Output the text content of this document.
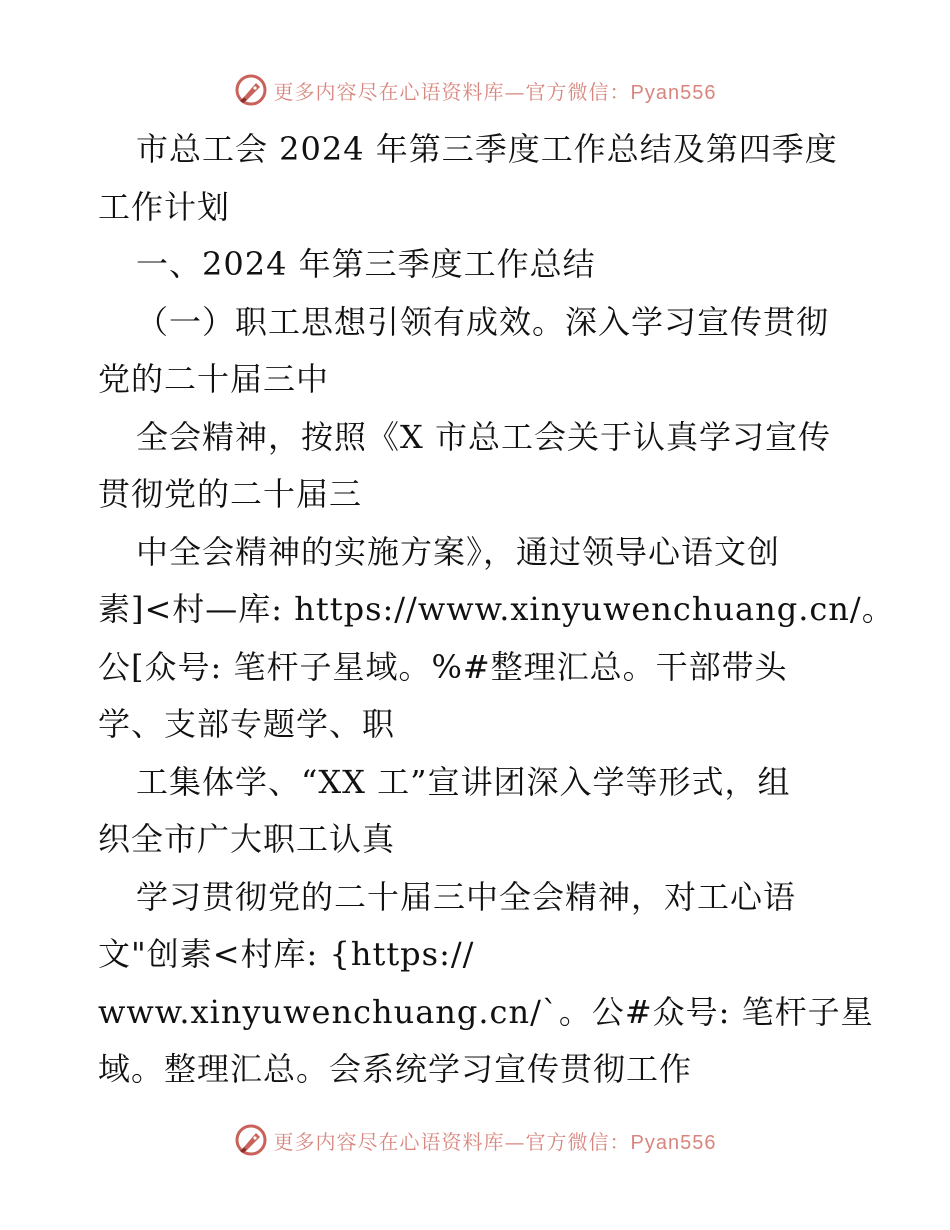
更多内容尽在心语资料库—官方微信：Pyan556
市总工会 2024 年第三季度工作总结及第四季度
工作计划
一、2024 年第三季度工作总结
（一）职工思想引领有成效。深入学习宣传贯彻
党的二十届三中
全会精神，按照《X 市总工会关于认真学习宣传
贯彻党的二十届三
中全会精神的实施方案》，通过领导心语文创
素]<村—库: https://www.xinyuwenchuang.cn/。
公[众号: 笔杆子星域。%#整理汇总。干部带头
学、支部专题学、职
工集体学、“XX 工”宣讲团深入学等形式，组
织全市广大职工认真
学习贯彻党的二十届三中全会精神，对工心语
文"创素<村库: {https://
www.xinyuwenchuang.cn/`。公#众号: 笔杆子星
域。整理汇总。会系统学习宣传贯彻工作
更多内容尽在心语资料库—官方微信：Pyan556
